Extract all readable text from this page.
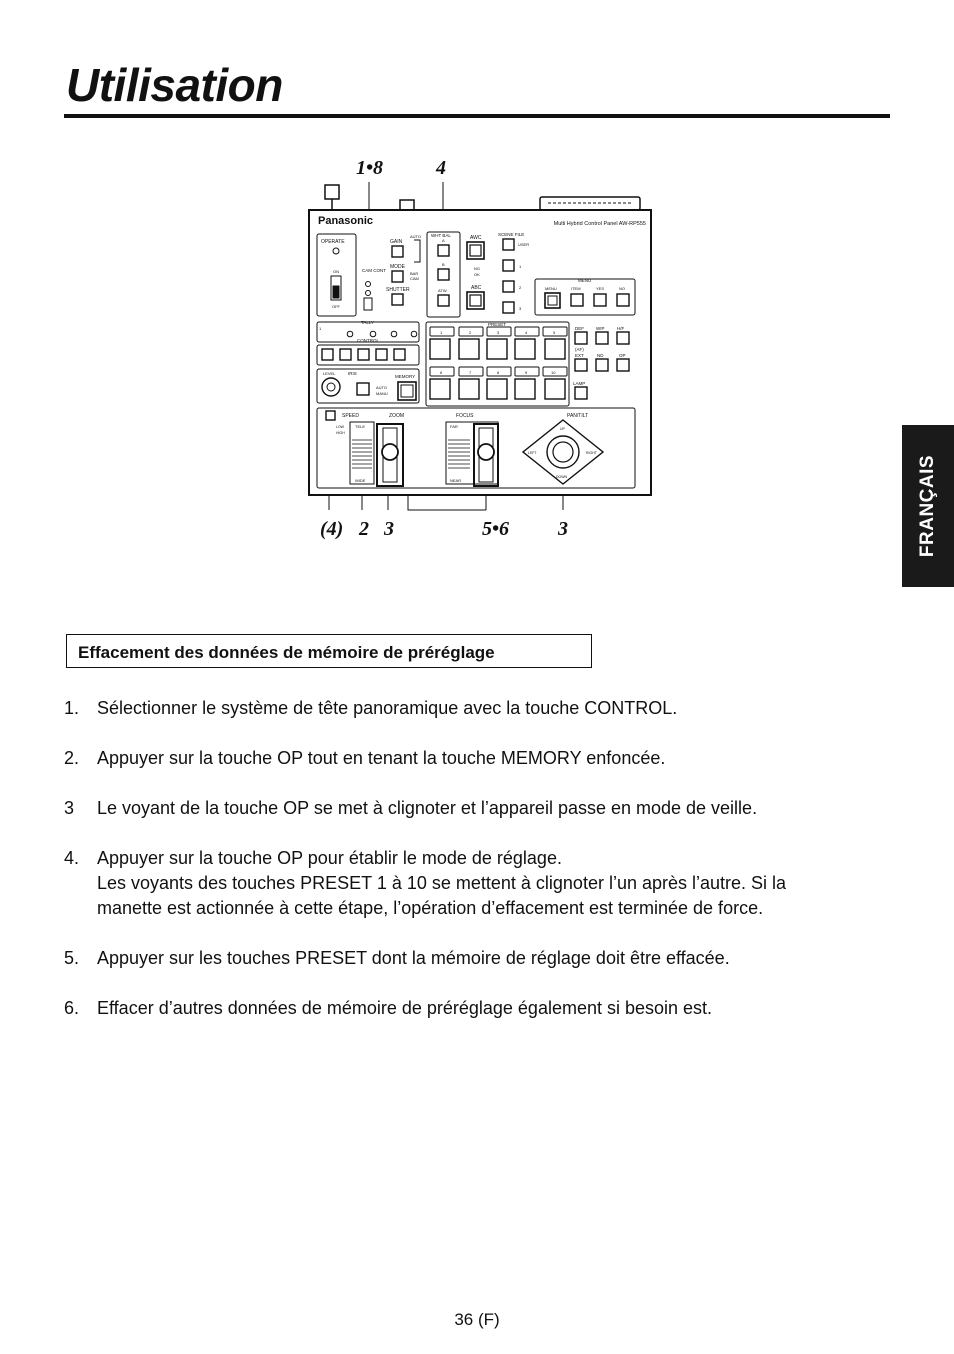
Utilisation
FRANÇAIS
1•8	4
(4) 2 3	5•6 3
Panasonic	Multi Hybrid Control Panel AW-RP555
OPERATE
ON
OFF
CAM CONT
GAIN
MODE
SHUTTER
AUTO
BAR
CAM
WHT BAL
A
B
ATW
AWC
NG
OK
ABC
SCENE FILE
USER
1
2
3
MENU
MENU	ITEM	YES	NO
1
TALLY
CONTROL
PRESET
1	2	3	4	5
6	7	8	9	10
DEF	WIP	H/F
(AF)
EXT	ND	OP
LAMP
LEVEL	IRIS
AUTO
MANU
MEMORY
SPEED
LOW
HIGH
ZOOM
TELE
WIDE
FOCUS
FAR
NEAR
PAN/TILT
UP
DOWN
LEFT	RIGHT
Effacement des données de mémoire de préréglage
1. Sélectionner le système de tête panoramique avec la touche CONTROL.
2. Appuyer sur la touche OP tout en tenant la touche MEMORY enfoncée.
3 Le voyant de la touche OP se met à clignoter et l’appareil passe en mode de veille.
4. Appuyer sur la touche OP pour établir le mode de réglage.
Les voyants des touches PRESET 1 à 10 se mettent à clignoter l’un après l’autre. Si la
manette est actionnée à cette étape, l’opération d’effacement est terminée de force.
5. Appuyer sur les touches PRESET dont la mémoire de réglage doit être effacée.
6. Effacer d’autres données de mémoire de préréglage également si besoin est.
36 (F)
